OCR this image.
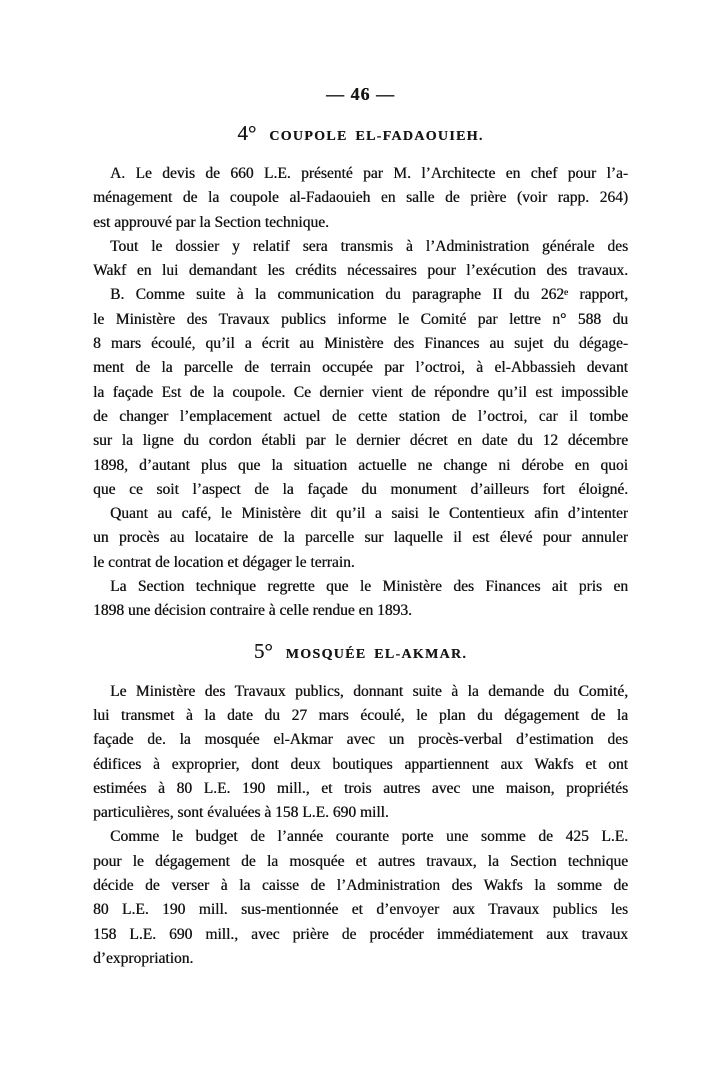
— 46 —
4° COUPOLE EL-FADAOUIEH.
A. Le devis de 660 L.E. présenté par M. l’Architecte en chef pour l’a-
ménagement de la coupole al-Fadaouieh en salle de prière (voir rapp. 264)
est approuvé par la Section technique.
Tout le dossier y relatif sera transmis à l’Administration générale des
Wakf en lui demandant les crédits nécessaires pour l’exécution des travaux.
B. Comme suite à la communication du paragraphe II du 262ᵉ rapport,
le Ministère des Travaux publics informe le Comité par lettre n° 588 du
8 mars écoulé, qu’il a écrit au Ministère des Finances au sujet du dégage-
ment de la parcelle de terrain occupée par l’octroi, à el-Abbassieh devant
la façade Est de la coupole. Ce dernier vient de répondre qu’il est impossible
de changer l’emplacement actuel de cette station de l’octroi, car il tombe
sur la ligne du cordon établi par le dernier décret en date du 12 décembre
1898, d’autant plus que la situation actuelle ne change ni dérobe en quoi
que ce soit l’aspect de la façade du monument d’ailleurs fort éloigné.
Quant au café, le Ministère dit qu’il a saisi le Contentieux afin d’intenter
un procès au locataire de la parcelle sur laquelle il est élevé pour annuler
le contrat de location et dégager le terrain.
La Section technique regrette que le Ministère des Finances ait pris en
1898 une décision contraire à celle rendue en 1893.
5° MOSQUÉE EL-AKMAR.
Le Ministère des Travaux publics, donnant suite à la demande du Comité,
lui transmet à la date du 27 mars écoulé, le plan du dégagement de la
façade de. la mosquée el-Akmar avec un procès-verbal d’estimation des
édifices à exproprier, dont deux boutiques appartiennent aux Wakfs et ont
estimées à 80 L.E. 190 mill., et trois autres avec une maison, propriétés
particulières, sont évaluées à 158 L.E. 690 mill.
Comme le budget de l’année courante porte une somme de 425 L.E.
pour le dégagement de la mosquée et autres travaux, la Section technique
décide de verser à la caisse de l’Administration des Wakfs la somme de
80 L.E. 190 mill. sus-mentionnée et d’envoyer aux Travaux publics les
158 L.E. 690 mill., avec prière de procéder immédiatement aux travaux
d’expropriation.
